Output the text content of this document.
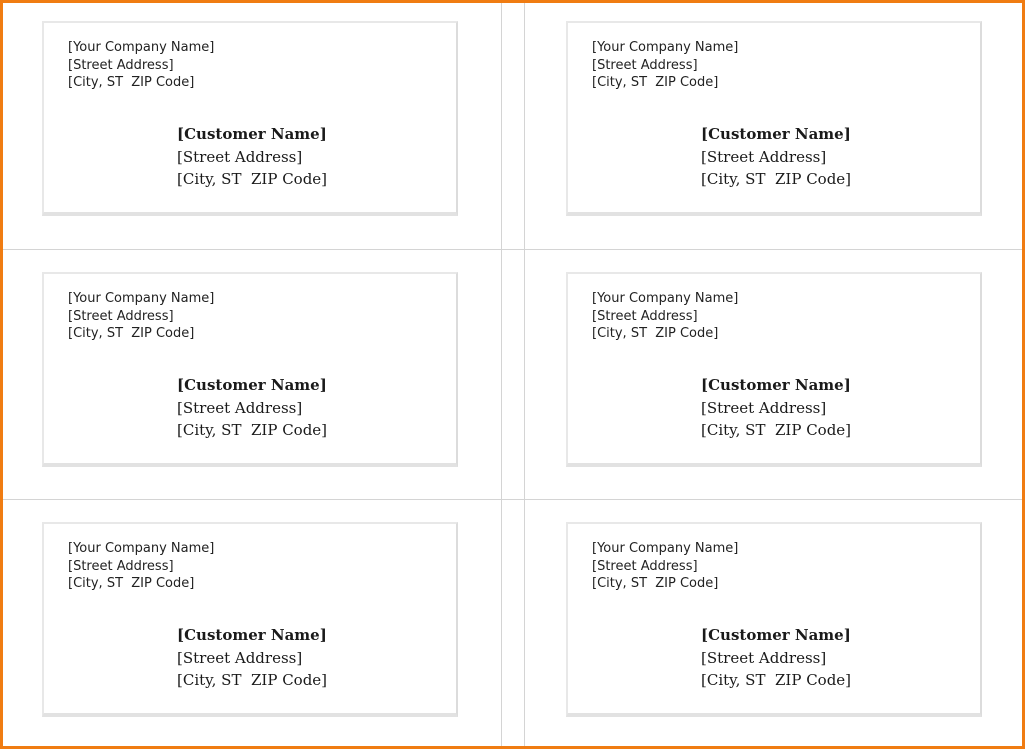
[Your Company Name]
[Street Address]
[City, ST  ZIP Code]
[Customer Name]
[Street Address]
[City, ST  ZIP Code]
[Your Company Name]
[Street Address]
[City, ST  ZIP Code]
[Customer Name]
[Street Address]
[City, ST  ZIP Code]
[Your Company Name]
[Street Address]
[City, ST  ZIP Code]
[Customer Name]
[Street Address]
[City, ST  ZIP Code]
[Your Company Name]
[Street Address]
[City, ST  ZIP Code]
[Customer Name]
[Street Address]
[City, ST  ZIP Code]
[Your Company Name]
[Street Address]
[City, ST  ZIP Code]
[Customer Name]
[Street Address]
[City, ST  ZIP Code]
[Your Company Name]
[Street Address]
[City, ST  ZIP Code]
[Customer Name]
[Street Address]
[City, ST  ZIP Code]
